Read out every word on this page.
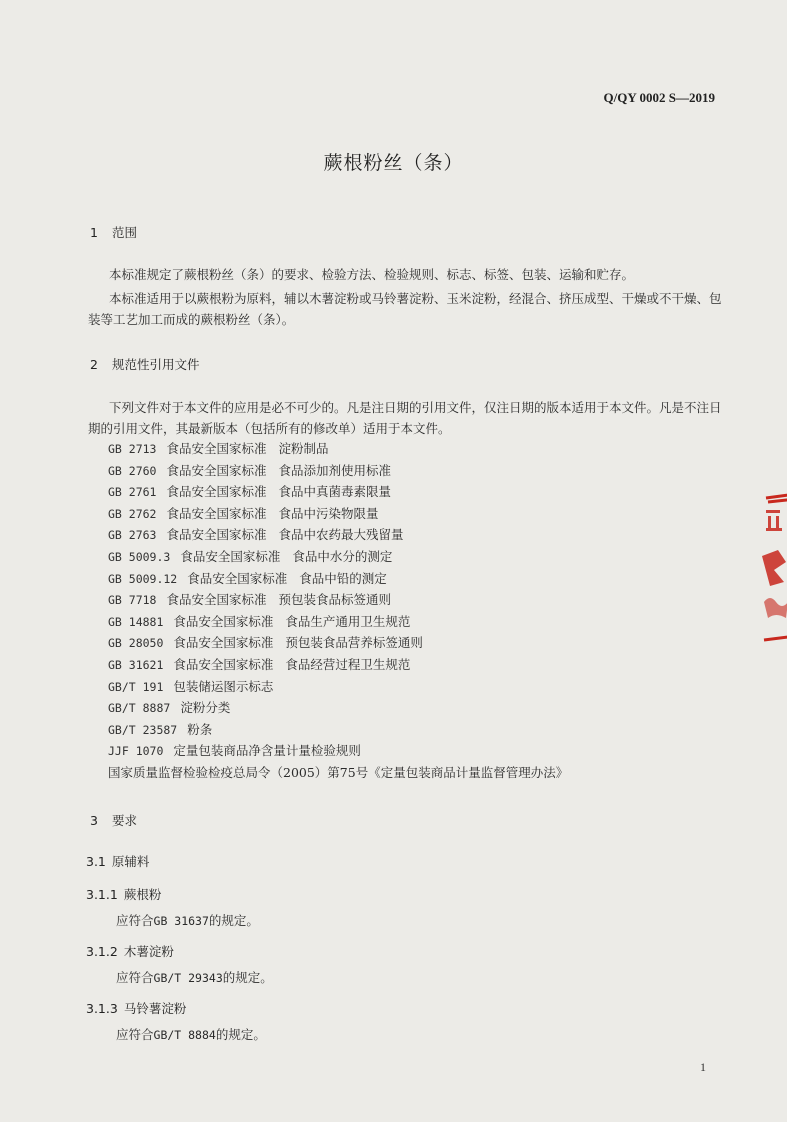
Q/QY 0002 S—2019
蕨根粉丝（条）
1 范围
本标准规定了蕨根粉丝（条）的要求、检验方法、检验规则、标志、标签、包装、运输和贮存。
本标准适用于以蕨根粉为原料，辅以木薯淀粉或马铃薯淀粉、玉米淀粉，经混合、挤压成型、干燥或不干燥、包装等工艺加工而成的蕨根粉丝（条）。
2 规范性引用文件
下列文件对于本文件的应用是必不可少的。凡是注日期的引用文件，仅注日期的版本适用于本文件。凡是不注日期的引用文件，其最新版本（包括所有的修改单）适用于本文件。
GB 2713 食品安全国家标准 淀粉制品
GB 2760 食品安全国家标准 食品添加剂使用标准
GB 2761 食品安全国家标准 食品中真菌毒素限量
GB 2762 食品安全国家标准 食品中污染物限量
GB 2763 食品安全国家标准 食品中农药最大残留量
GB 5009.3 食品安全国家标准 食品中水分的测定
GB 5009.12 食品安全国家标准 食品中铅的测定
GB 7718 食品安全国家标准 预包装食品标签通则
GB 14881 食品安全国家标准 食品生产通用卫生规范
GB 28050 食品安全国家标准 预包装食品营养标签通则
GB 31621 食品安全国家标准 食品经营过程卫生规范
GB/T 191 包装储运图示标志
GB/T 8887 淀粉分类
GB/T 23587 粉条
JJF 1070 定量包装商品净含量计量检验规则
国家质量监督检验检疫总局令（2005）第75号《定量包装商品计量监督管理办法》
3 要求
3.1 原辅料
3.1.1 蕨根粉
应符合GB 31637的规定。
3.1.2 木薯淀粉
应符合GB/T 29343的规定。
3.1.3 马铃薯淀粉
应符合GB/T 8884的规定。
1
